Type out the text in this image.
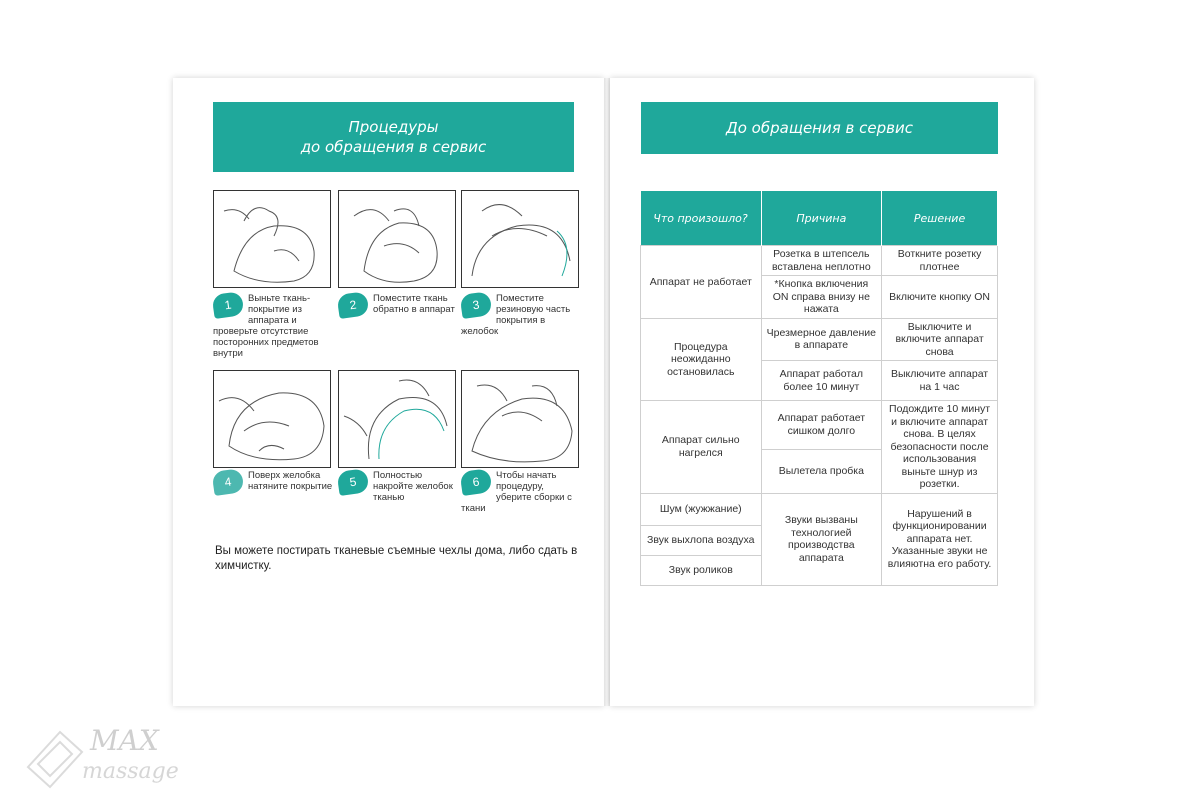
Процедуры
до обращения в сервис
1	Выньте ткань-покрытие из аппарата и проверьте отсутствие посторонних предметов внутри
2	Поместите ткань обратно в аппарат	3	Поместите резиновую часть покрытия в желобок
4	Поверх желобка натяните покрытие	5	Полностью накройте желобок тканью
6	Чтобы начать процедуру, уберите сборки с ткани
Вы можете постирать тканевые съемные чехлы дома, либо сдать в химчистку.
До обращения в сервис
Что произошло?	Причина	Решение
Аппарат не работает	Розетка в штепсель вставлена неплотно	Воткните розетку плотнее
	*Кнопка включения ON справа внизу не нажата	Включите кнопку ON
Процедура неожиданно остановилась	Чрезмерное давление в аппарате	Выключите и включите аппарат снова
	Аппарат работал более 10 минут	Выключите аппарат на 1 час
Аппарат сильно нагрелся	Аппарат работает сишком долго	Подождите 10 минут и включите аппарат снова. В целях безопасности после использования выньте шнур из розетки.
	Вылетела пробка	
Шум (жужжание)	Звуки вызваны технологией производства аппарата	Нарушений в функционировании аппарата нет. Указанные звуки не влияютна его работу.
Звук выхлопа воздуха		
Звук роликов		
MAX
massage
